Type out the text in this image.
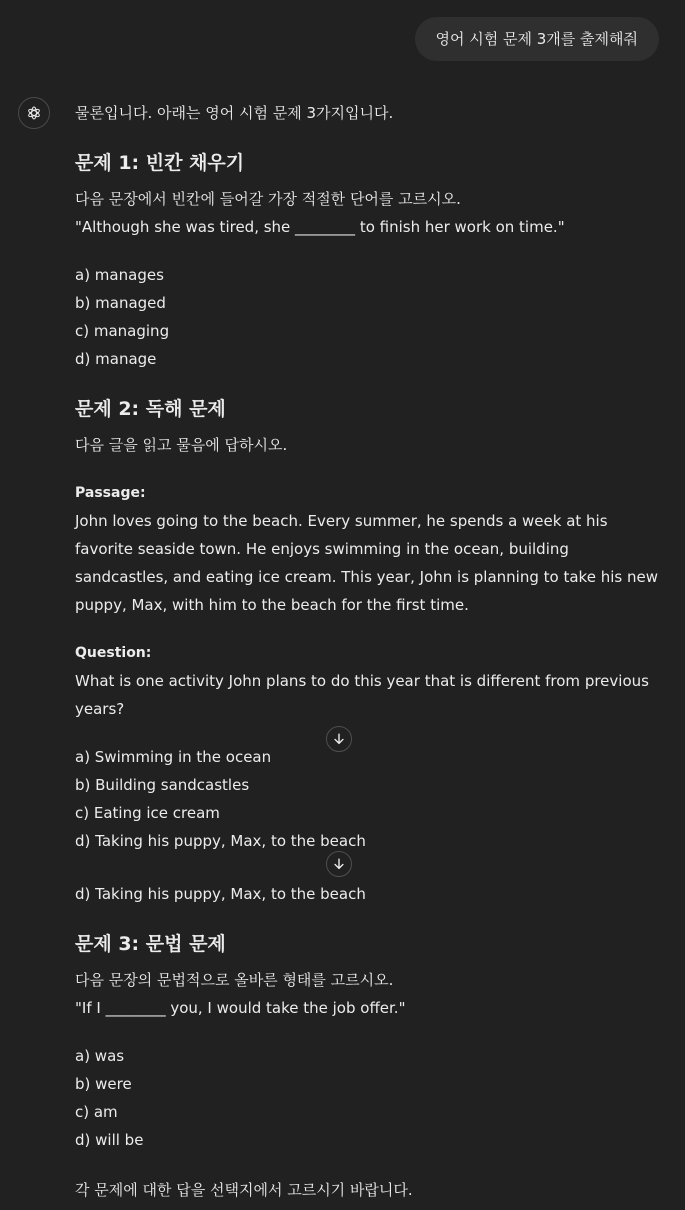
영어 시험 문제 3개를 출제해줘

물론입니다. 아래는 영어 시험 문제 3가지입니다.

문제 1: 빈칸 채우기

다음 문장에서 빈칸에 들어갈 가장 적절한 단어를 고르시오.

"Although she was tired, she ________ to finish her work on time."

a) manages
b) managed
c) managing
d) manage
문제 2: 독해 문제

다음 글을 읽고 물음에 답하시오.

Passage:

John loves going to the beach. Every summer, he spends a week at his favorite seaside town. He enjoys swimming in the ocean, building sandcastles, and eating ice cream. This year, John is planning to take his new puppy, Max, with him to the beach for the first time.

Question:

What is one activity John plans to do this year that is different from previous years?

a) Swimming in the ocean
b) Building sandcastles
c) Eating ice cream
d) Taking his puppy, Max, to the beach

d) Taking his puppy, Max, to the beach

문제 3: 문법 문제

다음 문장의 문법적으로 올바른 형태를 고르시오.

"If I ________ you, I would take the job offer."

a) was
b) were
c) am
d) will be

각 문제에 대한 답을 선택지에서 고르시기 바랍니다.
